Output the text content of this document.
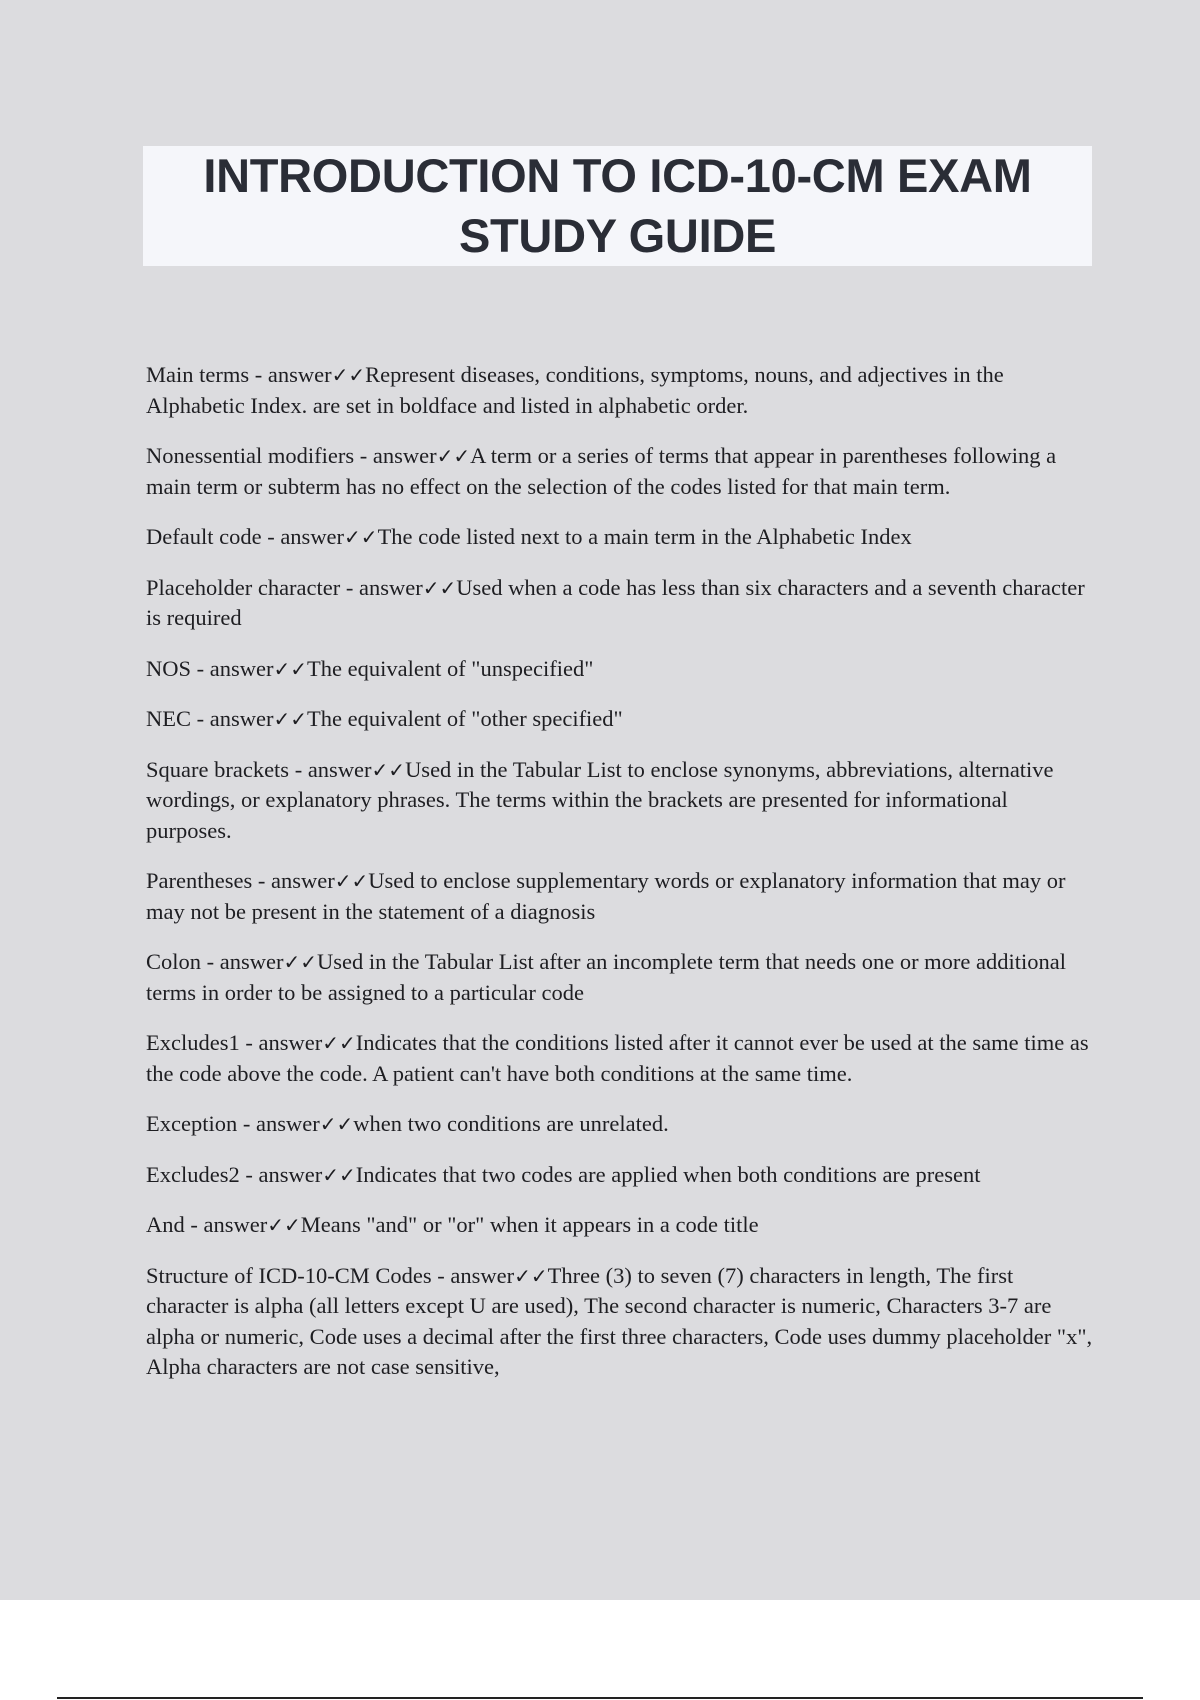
INTRODUCTION TO ICD-10-CM EXAM
STUDY GUIDE

Main terms - answer✓✓Represent diseases, conditions, symptoms, nouns, and adjectives in the Alphabetic Index. are set in boldface and listed in alphabetic order.

Nonessential modifiers - answer✓✓A term or a series of terms that appear in parentheses following a main term or subterm has no effect on the selection of the codes listed for that main term.

Default code - answer✓✓The code listed next to a main term in the Alphabetic Index

Placeholder character - answer✓✓Used when a code has less than six characters and a seventh character is required

NOS - answer✓✓The equivalent of "unspecified"

NEC - answer✓✓The equivalent of "other specified"

Square brackets - answer✓✓Used in the Tabular List to enclose synonyms, abbreviations, alternative wordings, or explanatory phrases. The terms within the brackets are presented for informational purposes.

Parentheses - answer✓✓Used to enclose supplementary words or explanatory information that may or may not be present in the statement of a diagnosis

Colon - answer✓✓Used in the Tabular List after an incomplete term that needs one or more additional terms in order to be assigned to a particular code

Excludes1 - answer✓✓Indicates that the conditions listed after it cannot ever be used at the same time as the code above the code. A patient can't have both conditions at the same time.

Exception - answer✓✓when two conditions are unrelated.

Excludes2 - answer✓✓Indicates that two codes are applied when both conditions are present

And - answer✓✓Means "and" or "or" when it appears in a code title

Structure of ICD-10-CM Codes - answer✓✓Three (3) to seven (7) characters in length, The first character is alpha (all letters except U are used), The second character is numeric, Characters 3-7 are alpha or numeric, Code uses a decimal after the first three characters, Code uses dummy placeholder "x", Alpha characters are not case sensitive,
